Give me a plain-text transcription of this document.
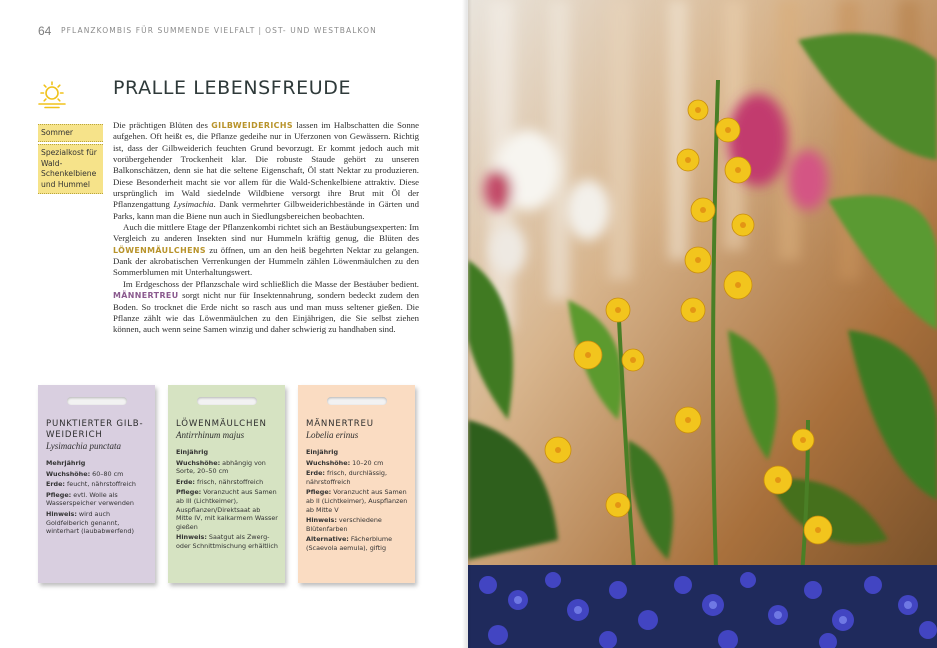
64 PFLANZKOMBIS FÜR SUMMENDE VIELFALT | OST- UND WESTBALKON
PRALLE LEBENSFREUDE
Sommer
Spezialkost für Wald-Schenkelbiene und Hummel

Die prächtigen Blüten des GILBWEIDERICHS lassen im Halbschatten die Sonne aufgehen. Oft heißt es, die Pflanze gedeihe nur in Uferzonen von Gewässern. Richtig ist, dass der Gilbweiderich feuchten Grund bevorzugt. Er kommt jedoch auch mit vorübergehender Trockenheit klar. Die robuste Staude gehört zu unseren Balkonschätzen, denn sie hat die seltene Eigenschaft, Öl statt Nektar zu produzieren. Diese Besonderheit macht sie vor allem für die Wald-Schenkelbiene attraktiv. Diese ursprünglich im Wald siedelnde Wildbiene versorgt ihre Brut mit Öl der Pflanzengattung Lysimachia. Dank vermehrter Gilbweiderichbestände in Gärten und Parks, kann man die Biene nun auch in Siedlungsbereichen beobachten.

Auch die mittlere Etage der Pflanzenkombi richtet sich an Bestäubungsexperten: Im Vergleich zu anderen Insekten sind nur Hummeln kräftig genug, die Blüten des LÖWENMÄULCHENS zu öffnen, um an den heiß begehrten Nektar zu gelangen. Dank der akrobatischen Verrenkungen der Hummeln zählen Löwenmäulchen zu den Sommerblumen mit Unterhaltungswert.

Im Erdgeschoss der Pflanzschale wird schließlich die Masse der Bestäuber bedient. MÄNNERTREU sorgt nicht nur für Insektennahrung, sondern bedeckt zudem den Boden. So trocknet die Erde nicht so rasch aus und man muss seltener gießen. Die Pflanze zählt wie das Löwenmäulchen zu den Einjährigen, die Sie selbst ziehen können, auch wenn seine Samen winzig und daher schwierig zu handhaben sind.

PUNKTIERTER GILB-WEIDERICH
Lysimachia punctata
Mehrjährig
Wuchshöhe: 60–80 cm
Erde: feucht, nährstoffreich
Pflege: evtl. Wolle als Wasserspeicher verwenden
Hinweis: wird auch Goldfelberich genannt, winterhart (laubabwerfend)
LÖWENMÄULCHEN
Antirrhinum majus
Einjährig
Wuchshöhe: abhängig von Sorte, 20–50 cm
Erde: frisch, nährstoffreich
Pflege: Voranzucht aus Samen ab III (Lichtkeimer), Auspflanzen/Direktsaat ab Mitte IV, mit kalkarmem Wasser gießen
Hinweis: Saatgut als Zwerg- oder Schnittmischung erhältlich
MÄNNERTREU
Lobelia erinus
Einjährig
Wuchshöhe: 10–20 cm
Erde: frisch, durchlässig, nährstoffreich
Pflege: Voranzucht aus Samen ab II (Lichtkeimer), Auspflanzen ab Mitte V
Hinweis: verschiedene Blütenfarben
Alternative: Fächerblume (Scaevola aemula), giftig
